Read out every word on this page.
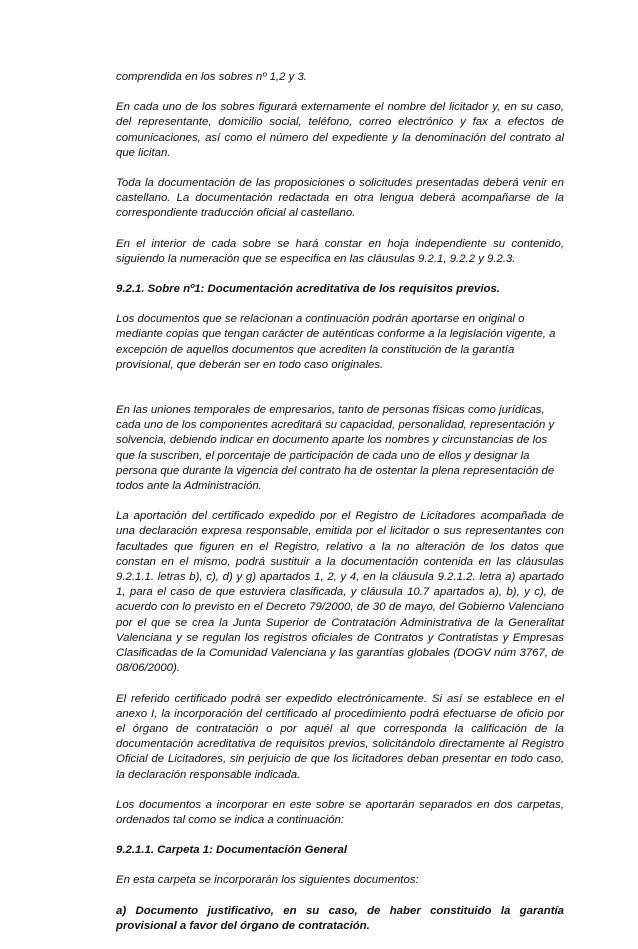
comprendida en los sobres nº 1,2 y 3.

En cada uno de los sobres figurará externamente el nombre del licitador y, en su caso, del representante, domicilio social, teléfono, correo electrónico y fax a efectos de comunicaciones, así como el número del expediente y la denominación del contrato al que licitan.

Toda la documentación de las proposiciones o solicitudes presentadas deberá venir en castellano. La documentación redactada en otra lengua deberá acompañarse de la correspondiente traducción oficial al castellano.

En el interior de cada sobre se hará constar en hoja independiente su contenido, siguiendo la numeración que se especifica en las cláusulas 9.2.1, 9.2.2 y 9.2.3.

9.2.1. Sobre nº1: Documentación acreditativa de los requisitos previos.

Los documentos que se relacionan a continuación podrán aportarse en original o mediante copias que tengan carácter de auténticas conforme a la legislación vigente, a excepción de aquellos documentos que acrediten la constitución de la garantía provisional, que deberán ser en todo caso originales.

En las uniones temporales de empresarios, tanto de personas físicas como jurídicas, cada uno de los componentes acreditará su capacidad, personalidad, representación y solvencia, debiendo indicar en documento aparte los nombres y circunstancias de los que la suscriben, el porcentaje de participación de cada uno de ellos y designar la persona que durante la vigencia del contrato ha de ostentar la plena representación de todos ante la Administración.

La aportación del certificado expedido por el Registro de Licitadores acompañada de una declaración expresa responsable, emitida por el licitador o sus representantes con facultades que figuren en el Registro, relativo a la no alteración de los datos que constan en el mismo, podrá sustituir a la documentación contenida en las cláusulas 9.2.1.1. letras b), c), d) y g) apartados 1, 2, y 4, en la cláusula 9.2.1.2. letra a) apartado 1, para el caso de que estuviera clasificada, y cláusula 10.7 apartados a), b), y c), de acuerdo con lo previsto en el Decreto 79/2000, de 30 de mayo, del Gobierno Valenciano por el que se crea la Junta Superior de Contratación Administrativa de la Generalitat Valenciana y se regulan los registros oficiales de Contratos y Contratistas y Empresas Clasificadas de la Comunidad Valenciana y las garantías globales (DOGV núm 3767, de 08/06/2000).

El referido certificado podrá ser expedido electrónicamente. Si así se establece en el anexo I, la incorporación del certificado al procedimiento podrá efectuarse de oficio por el órgano de contratación o por aquél al que corresponda la calificación de la documentación acreditativa de requisitos previos, solicitándolo directamente al Registro Oficial de Licitadores, sin perjuicio de que los licitadores deban presentar en todo caso, la declaración responsable indicada.

Los documentos a incorporar en este sobre se aportarán separados en dos carpetas, ordenados tal como se indica a continuación:

9.2.1.1. Carpeta 1: Documentación General

En esta carpeta se incorporarán los siguientes documentos:

a) Documento justificativo, en su caso, de haber constituido la garantía provisional a favor del órgano de contratación.
